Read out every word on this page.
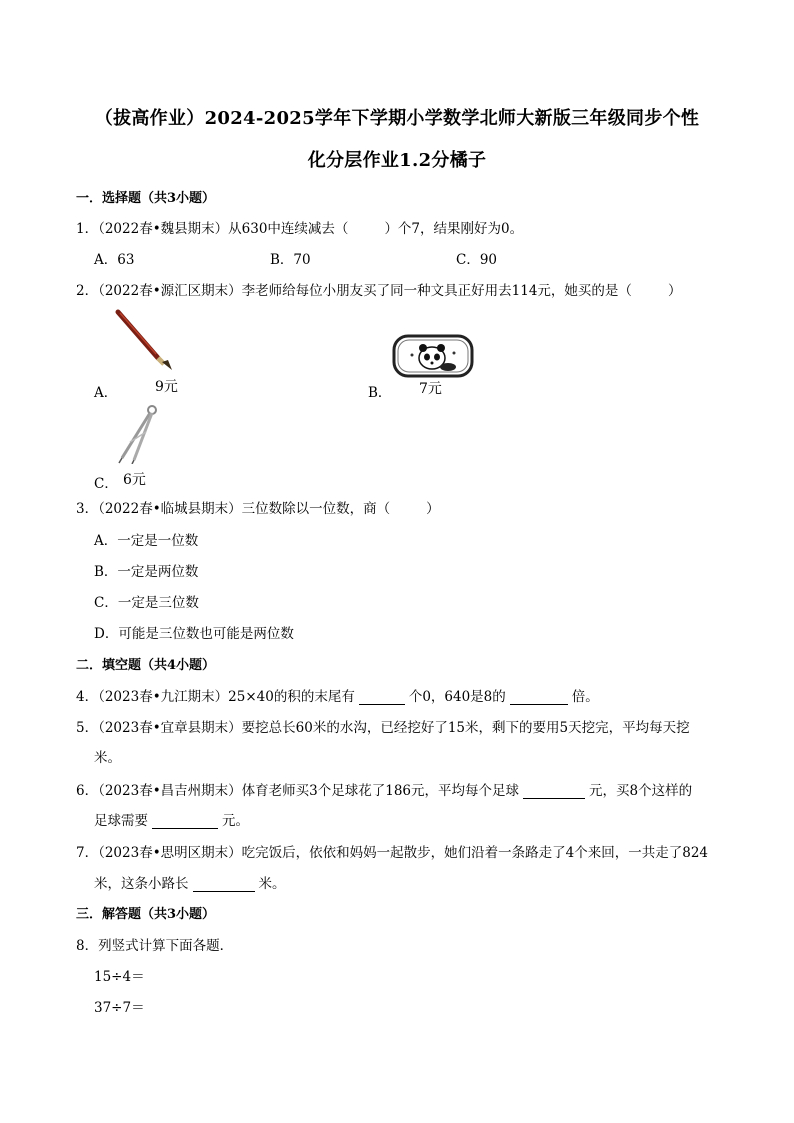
（拔高作业）2024-2025学年下学期小学数学北师大新版三年级同步个性
化分层作业1.2分橘子
一．选择题（共3小题）
1．（2022春•魏县期末）从630中连续减去（	）个7，结果刚好为0。
A．63	B．70	C．90
2．（2022春•源汇区期末）李老师给每位小朋友买了同一种文具正好用去114元，她买的是（	）
A．	9元	B． 7元
C． 6元
3．（2022春•临城县期末）三位数除以一位数，商（	）
A．一定是一位数
B．一定是两位数
C．一定是三位数
D．可能是三位数也可能是两位数
二．填空题（共4小题）
4．（2023春•九江期末）25×40的积的末尾有	个0，640是8的	倍。
5．（2023春•宜章县期末）要挖总长60米的水沟，已经挖好了15米，剩下的要用5天挖完，平均每天挖
米。
6．（2023春•昌吉州期末）体育老师买3个足球花了186元，平均每个足球	元，买8个这样的
足球需要	元。
7．（2023春•思明区期末）吃完饭后，依依和妈妈一起散步，她们沿着一条路走了4个来回，一共走了824
米，这条小路长	米。
三．解答题（共3小题）
8．列竖式计算下面各题．
15÷4＝
37÷7＝
